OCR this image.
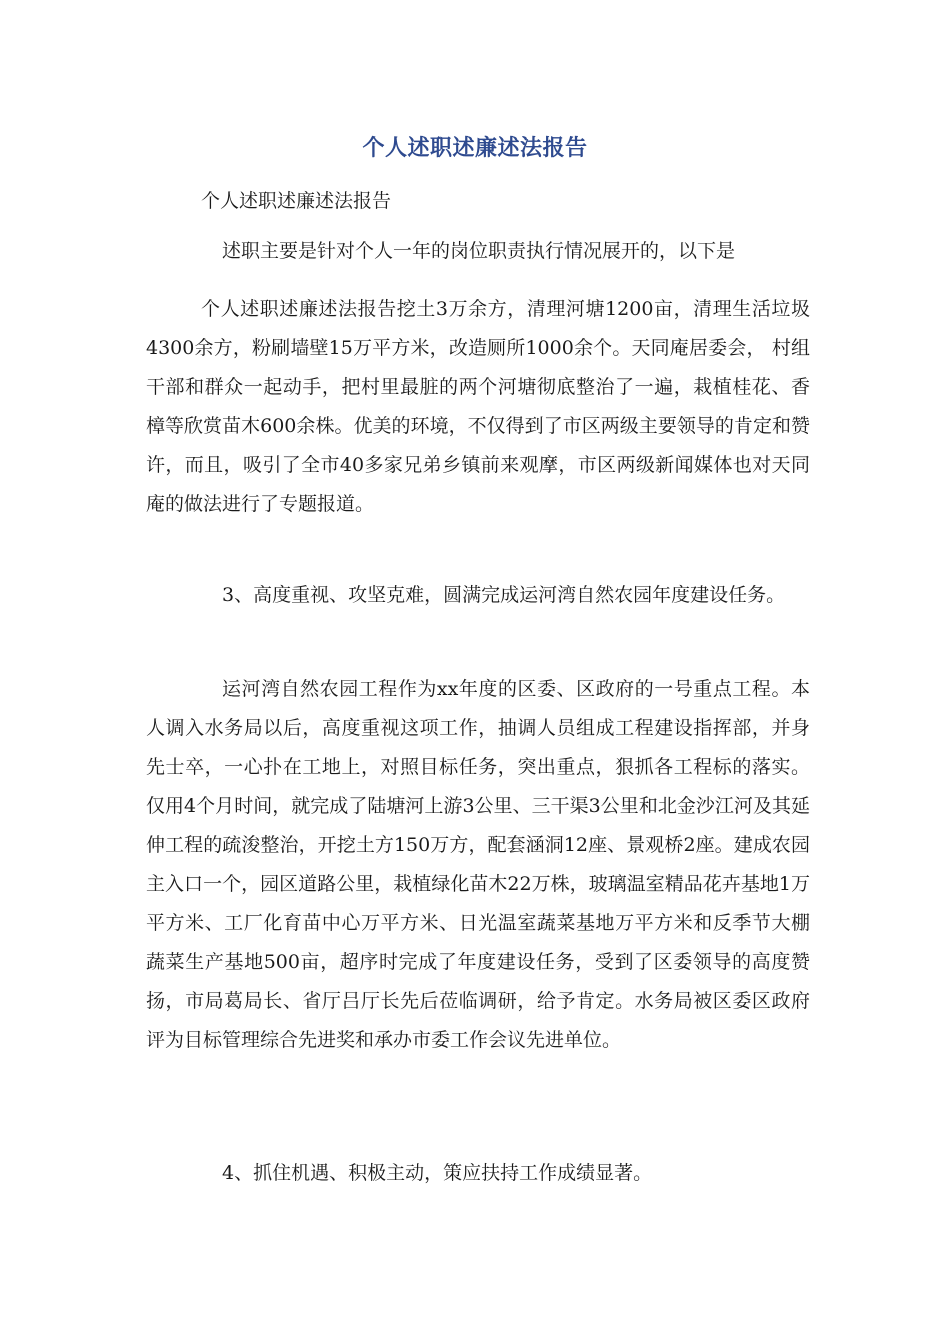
个人述职述廉述法报告
个人述职述廉述法报告

述职主要是针对个人一年的岗位职责执行情况展开的，以下是

个人述职述廉述法报告挖土3万余方，清理河塘1200亩，清理生活垃圾4300余方，粉刷墙壁15万平方米，改造厕所1000余个。天同庵居委会， 村组干部和群众一起动手，把村里最脏的两个河塘彻底整治了一遍，栽植桂花、香樟等欣赏苗木600余株。优美的环境，不仅得到了市区两级主要领导的肯定和赞许，而且，吸引了全市40多家兄弟乡镇前来观摩，市区两级新闻媒体也对天同庵的做法进行了专题报道。

3、高度重视、攻坚克难，圆满完成运河湾自然农园年度建设任务。

运河湾自然农园工程作为xx年度的区委、区政府的一号重点工程。本人调入水务局以后，高度重视这项工作，抽调人员组成工程建设指挥部，并身先士卒，一心扑在工地上，对照目标任务，突出重点，狠抓各工程标的落实。仅用4个月时间，就完成了陆塘河上游3公里、三干渠3公里和北金沙江河及其延伸工程的疏浚整治，开挖土方150万方，配套涵洞12座、景观桥2座。建成农园主入口一个，园区道路公里，栽植绿化苗木22万株，玻璃温室精品花卉基地1万平方米、工厂化育苗中心万平方米、日光温室蔬菜基地万平方米和反季节大棚蔬菜生产基地500亩，超序时完成了年度建设任务，受到了区委领导的高度赞扬，市局葛局长、省厅吕厅长先后莅临调研，给予肯定。水务局被区委区政府评为目标管理综合先进奖和承办市委工作会议先进单位。

4、抓住机遇、积极主动，策应扶持工作成绩显著。
